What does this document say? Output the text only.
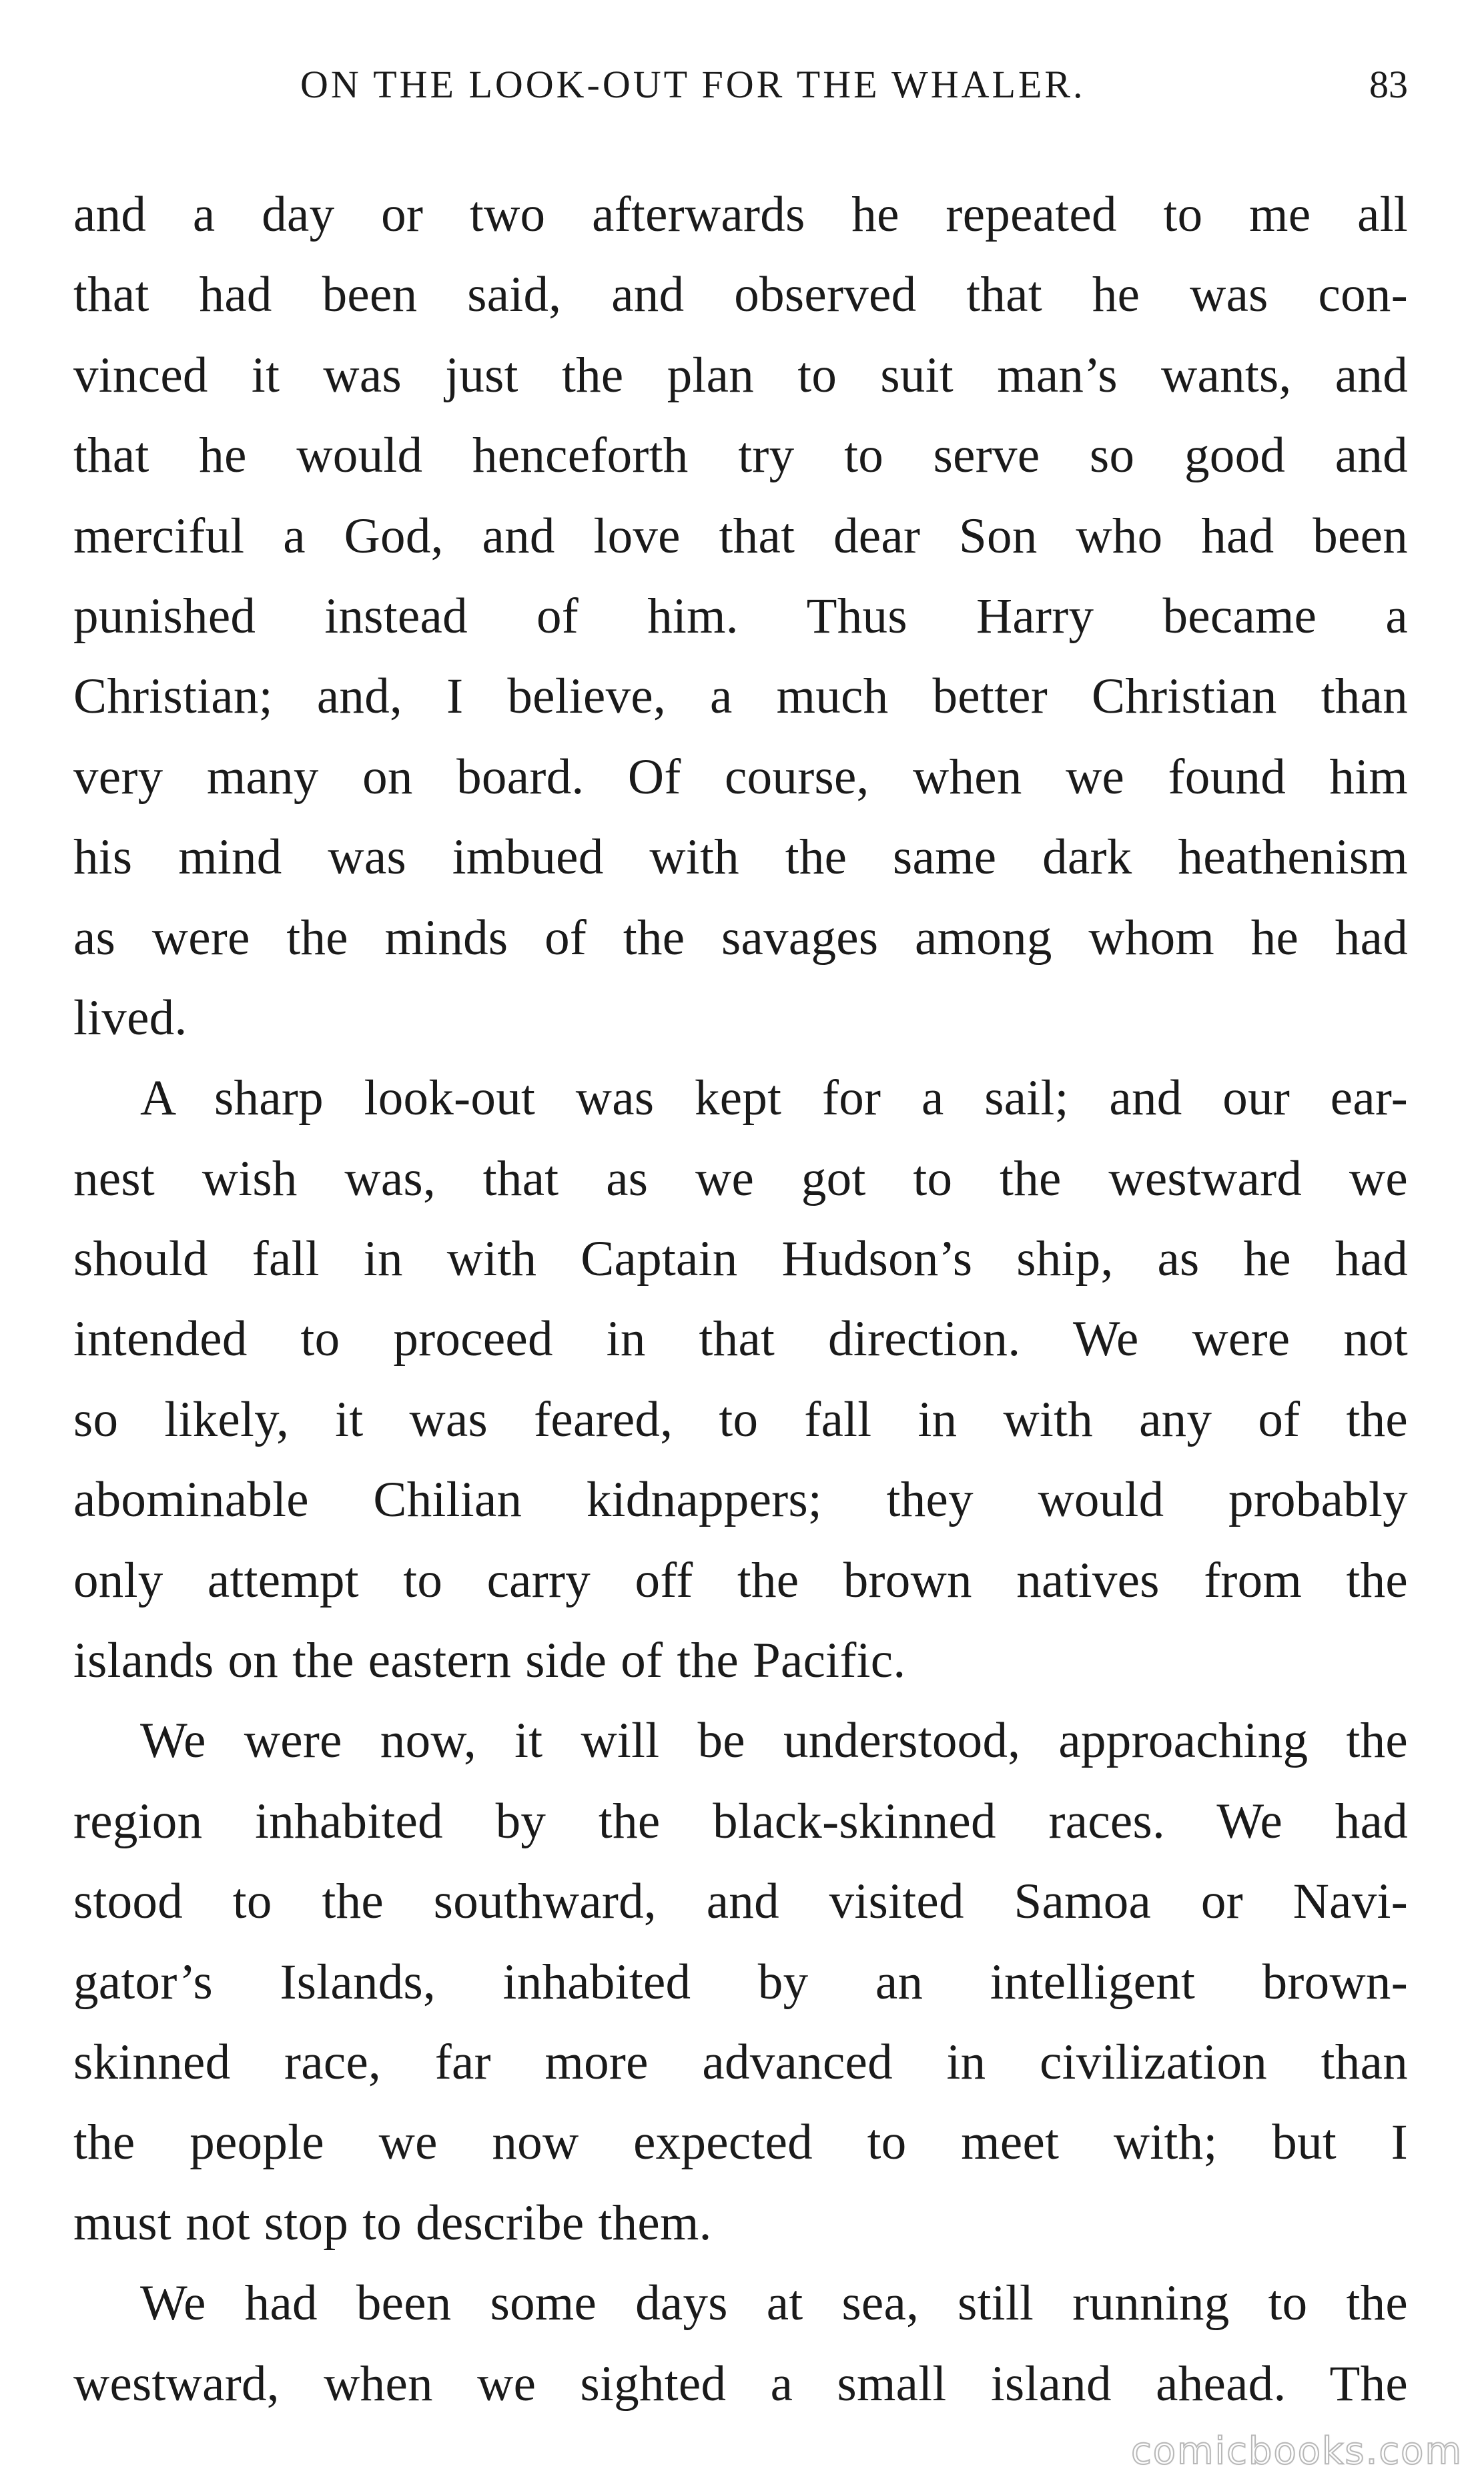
ON THE LOOK-OUT FOR THE WHALER.	83
and a day or two afterwards he repeated to me all
that had been said, and observed that he was con-
vinced it was just the plan to suit man’s wants, and
that he would henceforth try to serve so good and
merciful a God, and love that dear Son who had been
punished instead of him. Thus Harry became a
Christian; and, I believe, a much better Christian than
very many on board. Of course, when we found him
his mind was imbued with the same dark heathenism
as were the minds of the savages among whom he had
lived.
A sharp look-out was kept for a sail; and our ear-
nest wish was, that as we got to the westward we
should fall in with Captain Hudson’s ship, as he had
intended to proceed in that direction. We were not
so likely, it was feared, to fall in with any of the
abominable Chilian kidnappers; they would probably
only attempt to carry off the brown natives from the
islands on the eastern side of the Pacific.
We were now, it will be understood, approaching the
region inhabited by the black-skinned races. We had
stood to the southward, and visited Samoa or Navi-
gator’s Islands, inhabited by an intelligent brown-
skinned race, far more advanced in civilization than
the people we now expected to meet with; but I
must not stop to describe them.
We had been some days at sea, still running to the
westward, when we sighted a small island ahead. The
comicbooks.com
